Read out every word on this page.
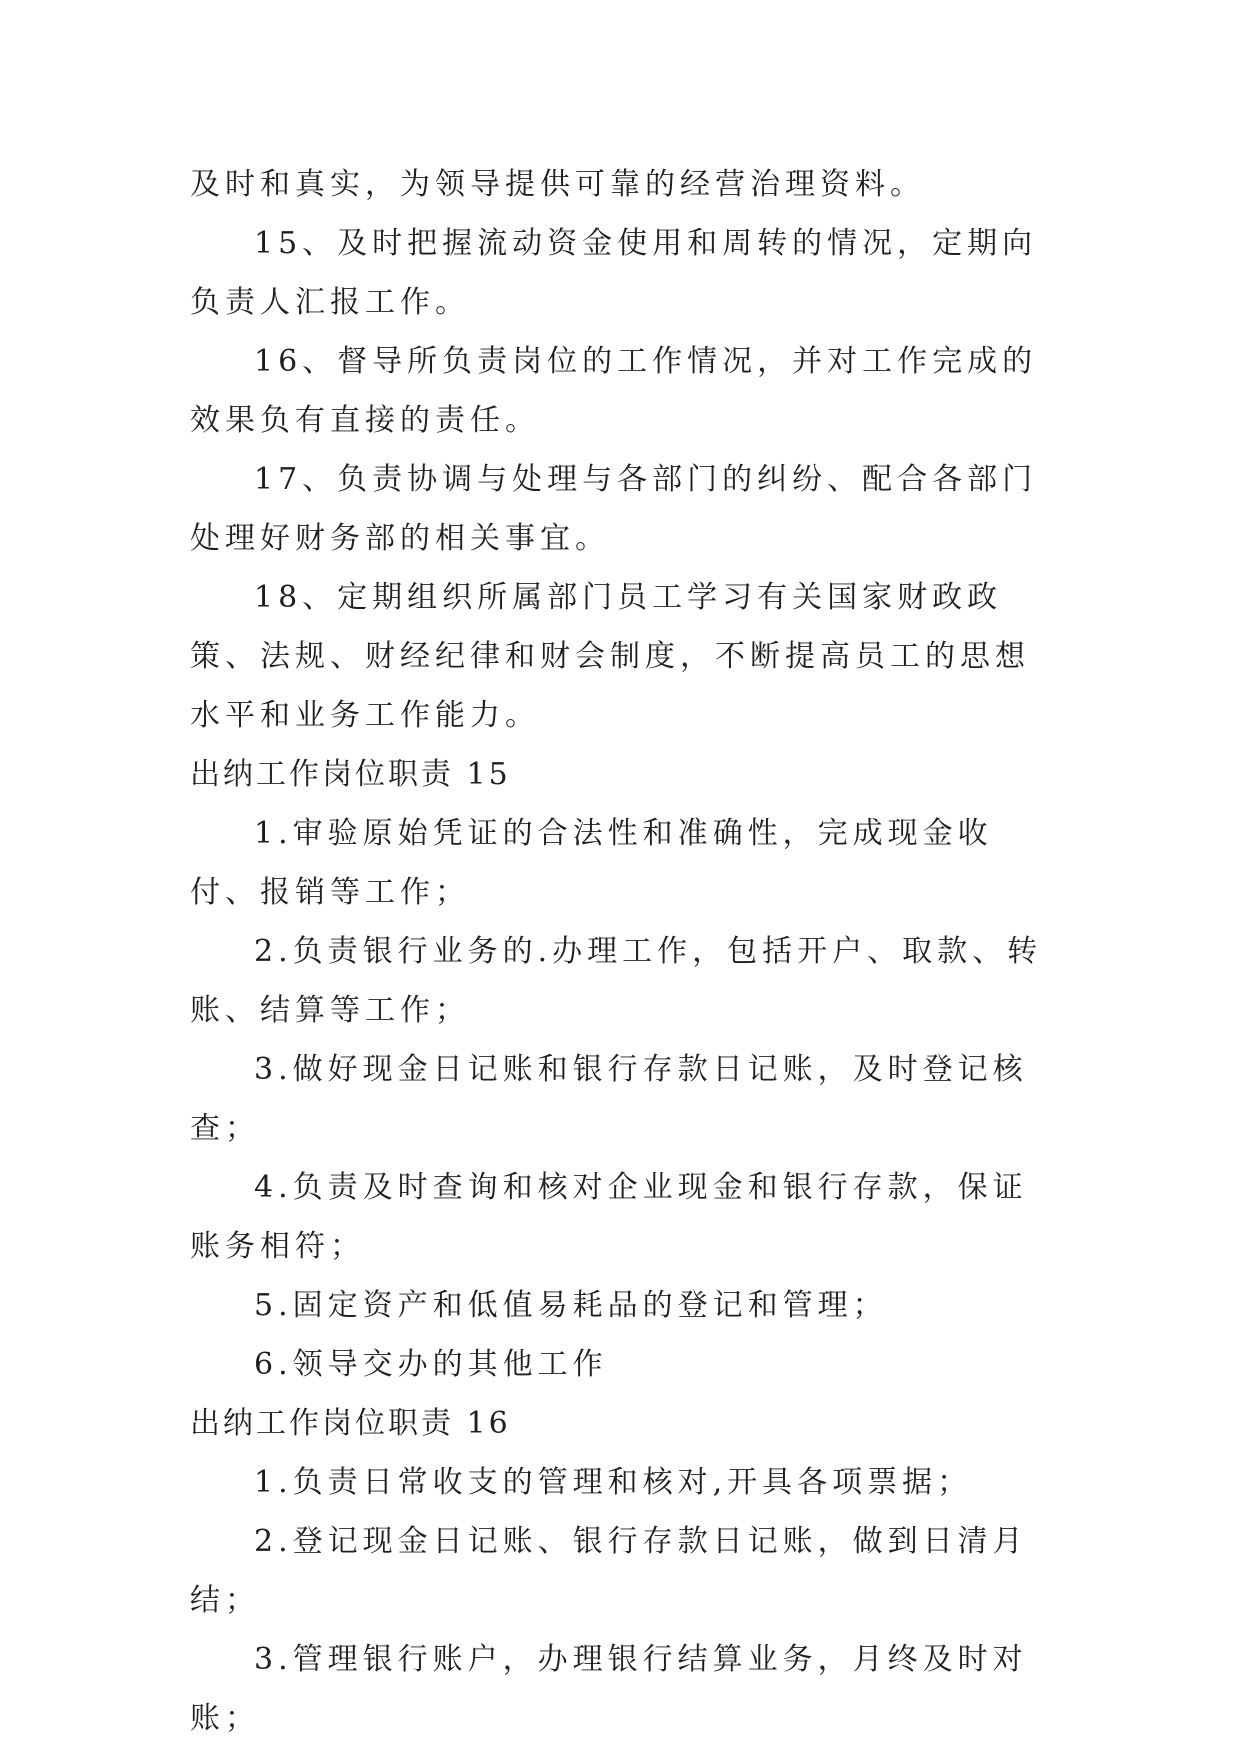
及时和真实，为领导提供可靠的经营治理资料。

15、及时把握流动资金使用和周转的情况，定期向负责人汇报工作。

16、督导所负责岗位的工作情况，并对工作完成的效果负有直接的责任。

17、负责协调与处理与各部门的纠纷、配合各部门处理好财务部的相关事宜。

18、定期组织所属部门员工学习有关国家财政政策、法规、财经纪律和财会制度，不断提高员工的思想水平和业务工作能力。

出纳工作岗位职责 15

1.审验原始凭证的合法性和准确性，完成现金收付、报销等工作；

2.负责银行业务的.办理工作，包括开户、取款、转账、结算等工作；

3.做好现金日记账和银行存款日记账，及时登记核查；

4.负责及时查询和核对企业现金和银行存款，保证账务相符；

5.固定资产和低值易耗品的登记和管理；

6.领导交办的其他工作

出纳工作岗位职责 16

1.负责日常收支的管理和核对,开具各项票据；

2.登记现金日记账、银行存款日记账，做到日清月结；

3.管理银行账户，办理银行结算业务，月终及时对账；
